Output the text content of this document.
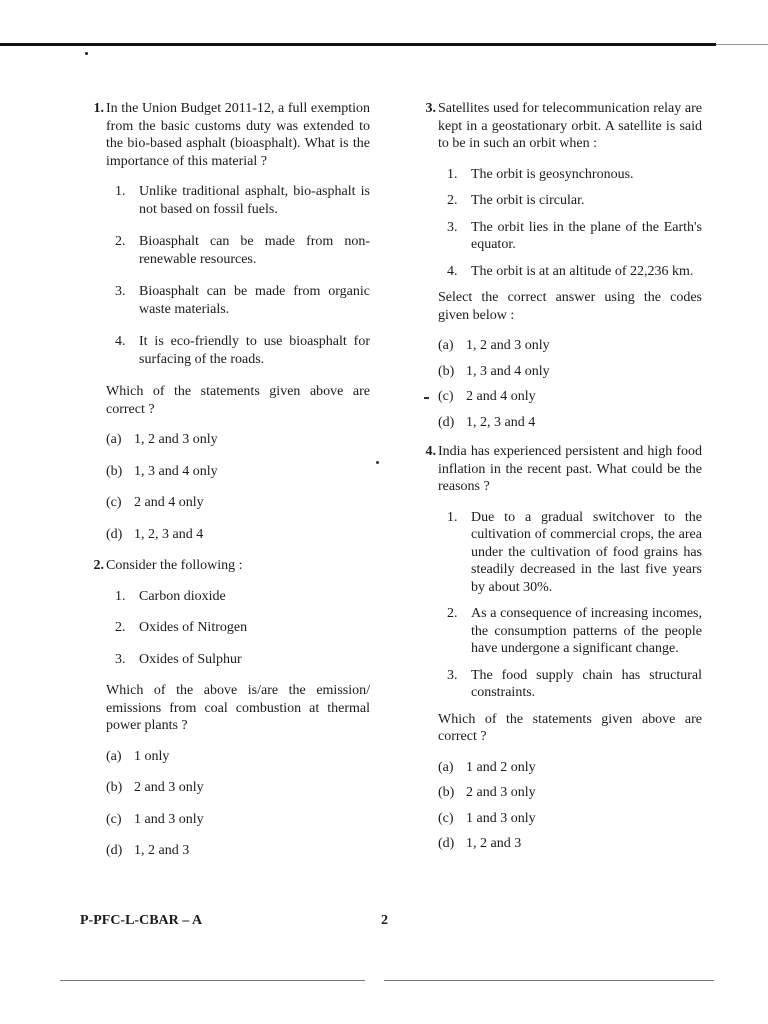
1. In the Union Budget 2011-12, a full exemption from the basic customs duty was extended to the bio-based asphalt (bioasphalt). What is the importance of this material ?
1. Unlike traditional asphalt, bio-asphalt is not based on fossil fuels.
2. Bioasphalt can be made from non-renewable resources.
3. Bioasphalt can be made from organic waste materials.
4. It is eco-friendly to use bioasphalt for surfacing of the roads.
Which of the statements given above are correct ?
(a) 1, 2 and 3 only
(b) 1, 3 and 4 only
(c) 2 and 4 only
(d) 1, 2, 3 and 4
2. Consider the following :
1. Carbon dioxide
2. Oxides of Nitrogen
3. Oxides of Sulphur
Which of the above is/are the emission/ emissions from coal combustion at thermal power plants ?
(a) 1 only
(b) 2 and 3 only
(c) 1 and 3 only
(d) 1, 2 and 3
3. Satellites used for telecommunication relay are kept in a geostationary orbit. A satellite is said to be in such an orbit when :
1. The orbit is geosynchronous.
2. The orbit is circular.
3. The orbit lies in the plane of the Earth's equator.
4. The orbit is at an altitude of 22,236 km.
Select the correct answer using the codes given below :
(a) 1, 2 and 3 only
(b) 1, 3 and 4 only
(c) 2 and 4 only
(d) 1, 2, 3 and 4
4. India has experienced persistent and high food inflation in the recent past. What could be the reasons ?
1. Due to a gradual switchover to the cultivation of commercial crops, the area under the cultivation of food grains has steadily decreased in the last five years by about 30%.
2. As a consequence of increasing incomes, the consumption patterns of the people have undergone a significant change.
3. The food supply chain has structural constraints.
Which of the statements given above are correct ?
(a) 1 and 2 only
(b) 2 and 3 only
(c) 1 and 3 only
(d) 1, 2 and 3
P-PFC-L-CBAR – A	2
